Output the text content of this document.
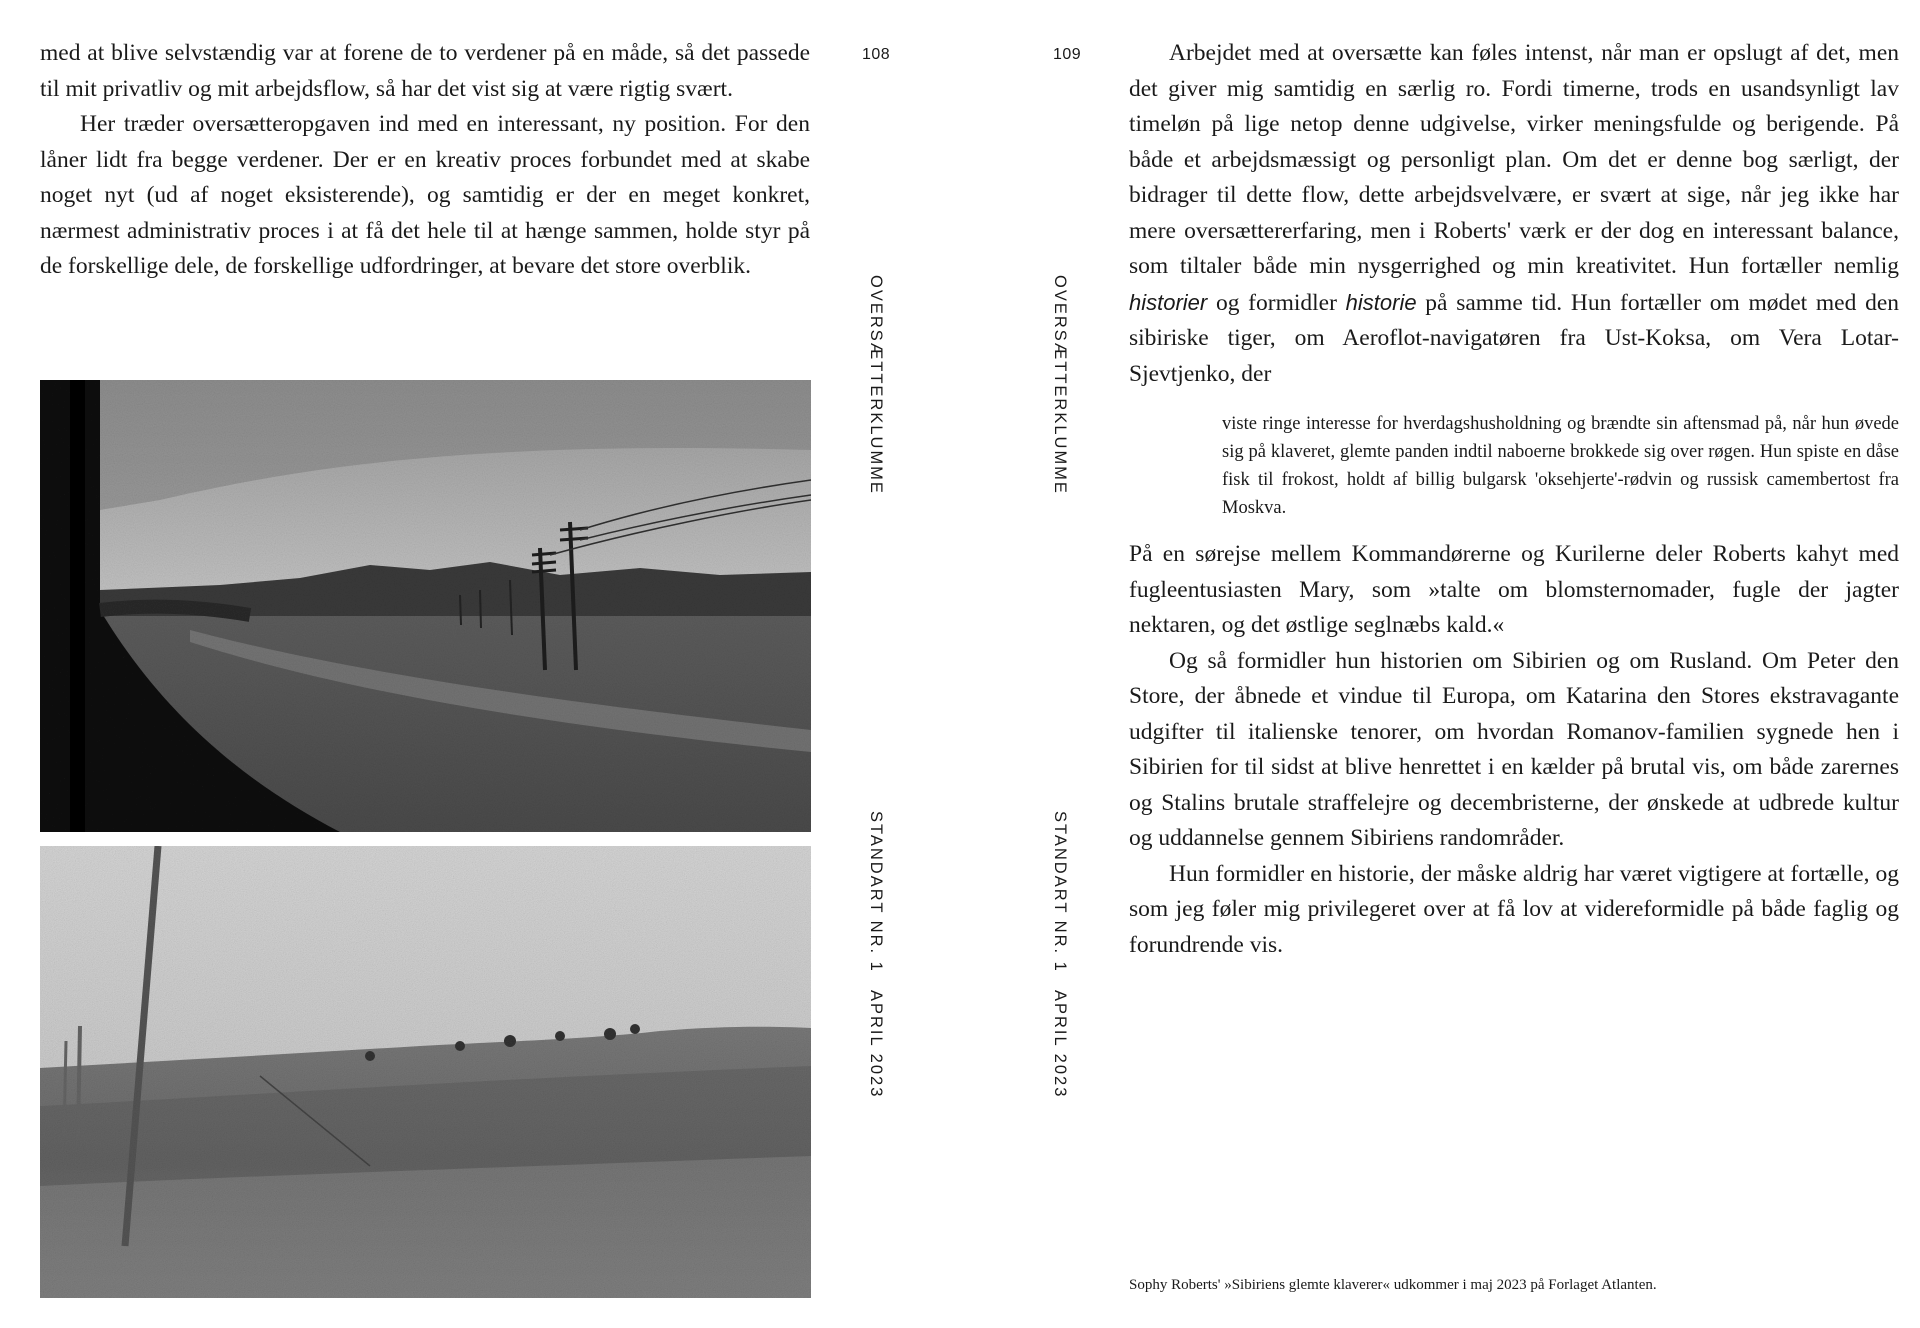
med at blive selvstændig var at forene de to verdener på en måde, så det passede til mit privatliv og mit arbejdsflow, så har det vist sig at være rigtig svært.

Her træder oversætteropgaven ind med en interessant, ny position. For den låner lidt fra begge verdener. Der er en kreativ proces forbundet med at skabe noget nyt (ud af noget eksisterende), og samtidig er der en meget konkret, nærmest administrativ proces i at få det hele til at hænge sammen, holde styr på de forskellige dele, de forskellige udfordringer, at bevare det store overblik.

108
OVERSÆTTERKLUMME
STANDART NR. 1
APRIL 2023
109
OVERSÆTTERKLUMME
STANDART NR. 1
APRIL 2023

Arbejdet med at oversætte kan føles intenst, når man er opslugt af det, men det giver mig samtidig en særlig ro. Fordi timerne, trods en usandsynligt lav timeløn på lige netop denne udgivelse, virker meningsfulde og berigende. På både et arbejdsmæssigt og personligt plan. Om det er denne bog særligt, der bidrager til dette flow, dette arbejdsvelvære, er svært at sige, når jeg ikke har mere oversættererfaring, men i Roberts' værk er der dog en interessant balance, som tiltaler både min nysgerrighed og min kreativitet. Hun fortæller nemlig historier og formidler historie på samme tid. Hun fortæller om mødet med den sibiriske tiger, om Aeroflot-navigatøren fra Ust-Koksa, om Vera Lotar-Sjevtjenko, der

viste ringe interesse for hverdagshusholdning og brændte sin aftensmad på, når hun øvede sig på klaveret, glemte panden indtil naboerne brokkede sig over røgen. Hun spiste en dåse fisk til frokost, holdt af billig bulgarsk 'oksehjerte'-rødvin og russisk camembertost fra Moskva.

På en sørejse mellem Kommandørerne og Kurilerne deler Roberts kahyt med fugleentusiasten Mary, som »talte om blomsternomader, fugle der jagter nektaren, og det østlige seglnæbs kald.«

Og så formidler hun historien om Sibirien og om Rusland. Om Peter den Store, der åbnede et vindue til Europa, om Katarina den Stores ekstravagante udgifter til italienske tenorer, om hvordan Romanov-familien sygnede hen i Sibirien for til sidst at blive henrettet i en kælder på brutal vis, om både zarernes og Stalins brutale straffelejre og decembristerne, der ønskede at udbrede kultur og uddannelse gennem Sibiriens randområder.

Hun formidler en historie, der måske aldrig har været vigtigere at fortælle, og som jeg føler mig privilegeret over at få lov at videreformidle på både faglig og forundrende vis.

Sophy Roberts' »Sibiriens glemte klaverer« udkommer i maj 2023 på Forlaget Atlanten.
